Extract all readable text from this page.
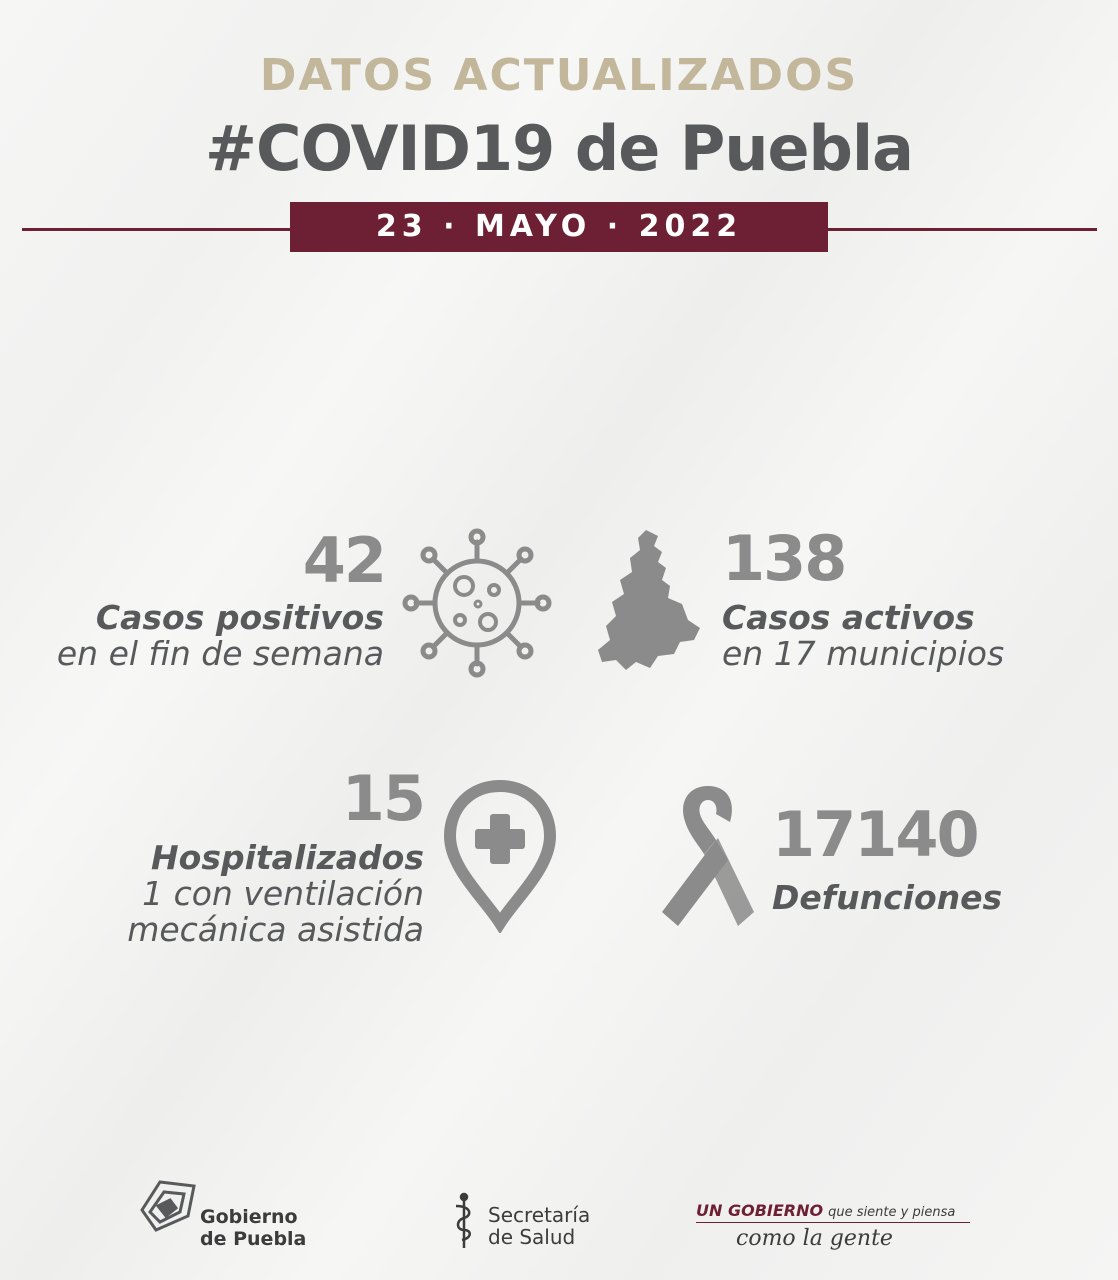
DATOS ACTUALIZADOS
#COVID19 de Puebla
23 · MAYO · 2022
42
Casos positivos
en el fin de semana
138
Casos activos
en 17 municipios
15
Hospitalizados
1 con ventilación
mecánica asistida
17140
Defunciones
Gobierno
de Puebla
Secretaría
de Salud
UN GOBIERNO que siente y piensa
como la gente
